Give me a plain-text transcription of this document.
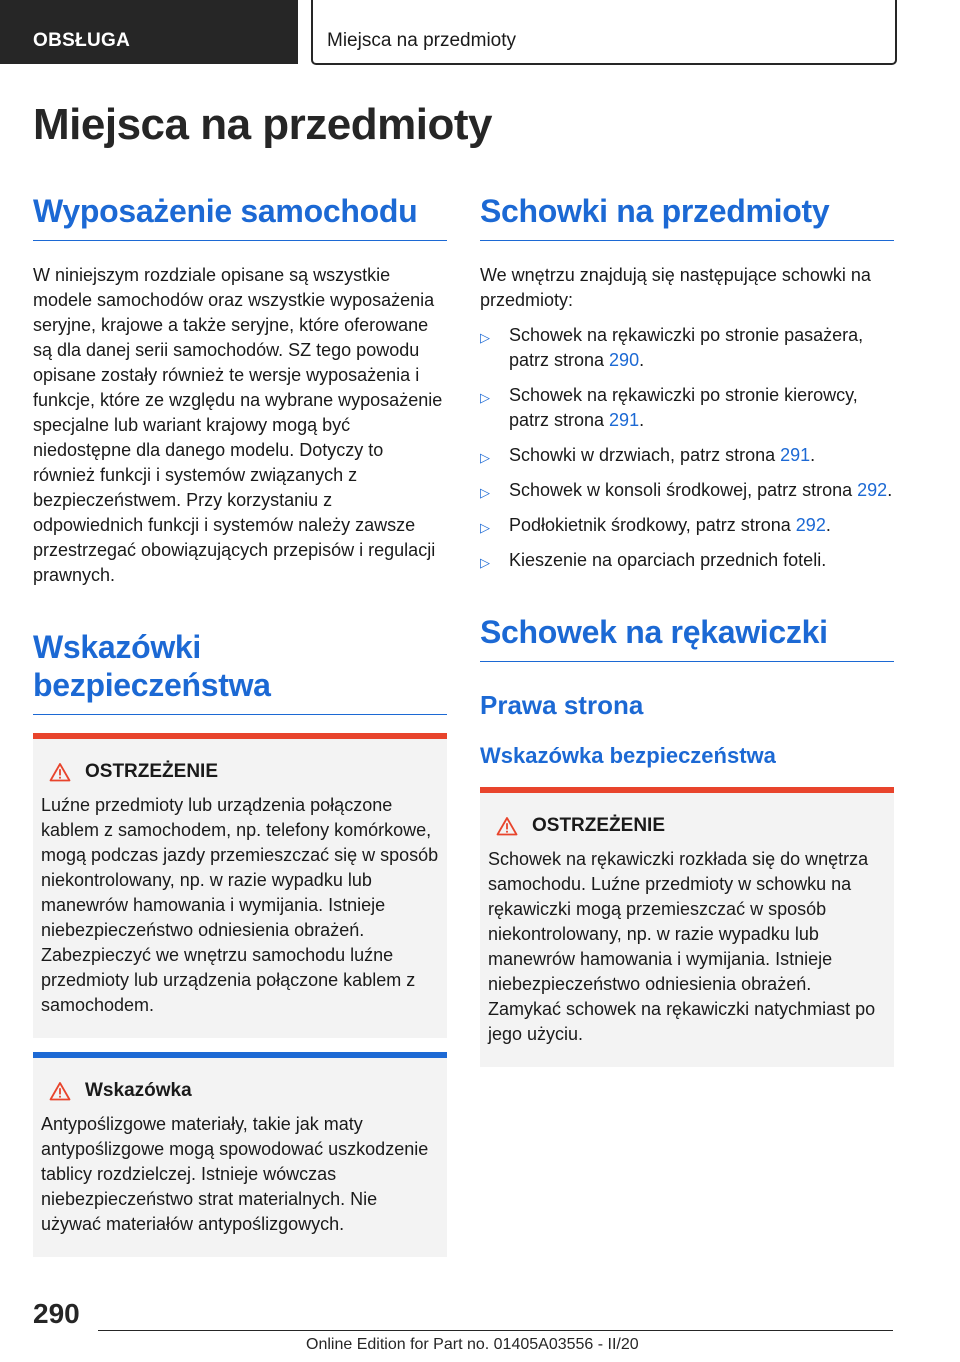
OBSŁUGA	Miejsca na przedmioty
Miejsca na przedmioty
Wyposażenie samochodu

W niniejszym rozdziale opisane są wszystkie modele samochodów oraz wszystkie wyposażenia seryjne, krajowe a także seryjne, które oferowane są dla danej serii samochodów. SZ tego powodu opisane zostały również te wersje wyposażenia i funkcje, które ze względu na wybrane wyposażenie specjalne lub wariant krajowy mogą być niedostępne dla danego modelu. Dotyczy to również funkcji i systemów związanych z bezpieczeństwem. Przy korzystaniu z odpowiednich funkcji i systemów należy zawsze przestrzegać obowiązujących przepisów i regulacji prawnych.

Wskazówki bezpieczeństwa
OSTRZEŻENIE
Luźne przedmioty lub urządzenia połączone kablem z samochodem, np. telefony komórkowe, mogą podczas jazdy przemieszczać się w sposób niekontrolowany, np. w razie wypadku lub manewrów hamowania i wymijania. Istnieje niebezpieczeństwo odniesienia obrażeń. Zabezpieczyć we wnętrzu samochodu luźne przedmioty lub urządzenia połączone kablem z samochodem.
Wskazówka
Antypoślizgowe materiały, takie jak maty antypoślizgowe mogą spowodować uszkodzenie tablicy rozdzielczej. Istnieje wówczas niebezpieczeństwo strat materialnych. Nie używać materiałów antypoślizgowych.
Schowki na przedmioty

We wnętrzu znajdują się następujące schowki na przedmioty:

▷ Schowek na rękawiczki po stronie pasażera, patrz strona 290.
▷ Schowek na rękawiczki po stronie kierowcy, patrz strona 291.
▷ Schowki w drzwiach, patrz strona 291.
▷ Schowek w konsoli środkowej, patrz strona 292.
▷ Podłokietnik środkowy, patrz strona 292.
▷ Kieszenie na oparciach przednich foteli.
Schowek na rękawiczki
Prawa strona
Wskazówka bezpieczeństwa
OSTRZEŻENIE
Schowek na rękawiczki rozkłada się do wnętrza samochodu. Luźne przedmioty w schowku na rękawiczki mogą przemieszczać w sposób niekontrolowany, np. w razie wypadku lub manewrów hamowania i wymijania. Istnieje niebezpieczeństwo odniesienia obrażeń. Zamykać schowek na rękawiczki natychmiast po jego użyciu.
290
Online Edition for Part no. 01405A03556 - II/20
